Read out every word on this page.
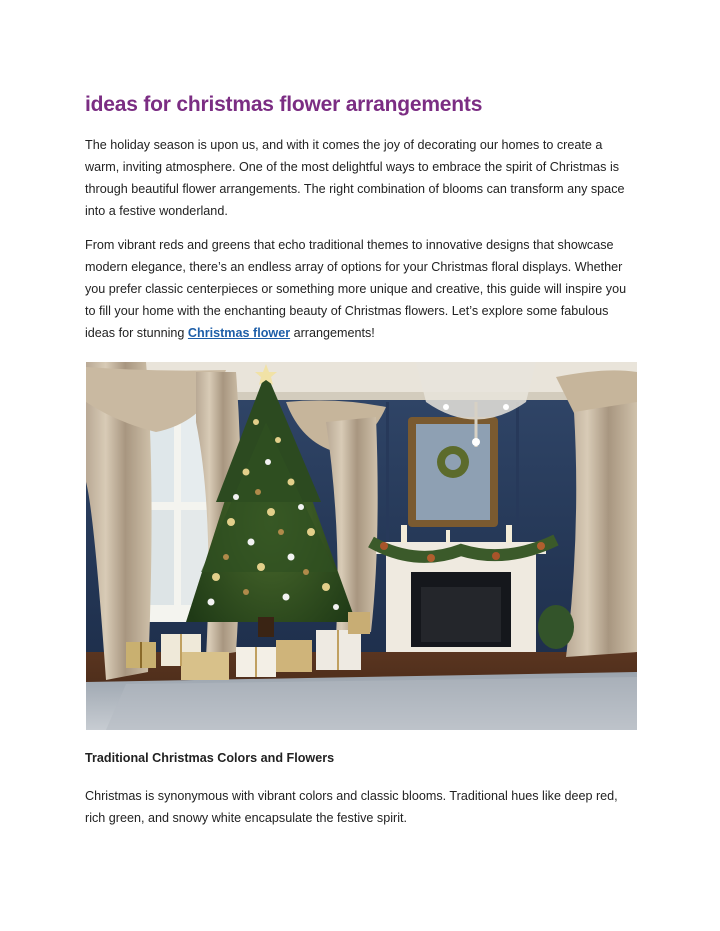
ideas for christmas flower arrangements

The holiday season is upon us, and with it comes the joy of decorating our homes to create a warm, inviting atmosphere. One of the most delightful ways to embrace the spirit of Christmas is through beautiful flower arrangements. The right combination of blooms can transform any space into a festive wonderland.

From vibrant reds and greens that echo traditional themes to innovative designs that showcase modern elegance, there’s an endless array of options for your Christmas floral displays. Whether you prefer classic centerpieces or something more unique and creative, this guide will inspire you to fill your home with the enchanting beauty of Christmas flowers. Let’s explore some fabulous ideas for stunning Christmas flower arrangements!

Traditional Christmas Colors and Flowers

Christmas is synonymous with vibrant colors and classic blooms. Traditional hues like deep red, rich green, and snowy white encapsulate the festive spirit.
